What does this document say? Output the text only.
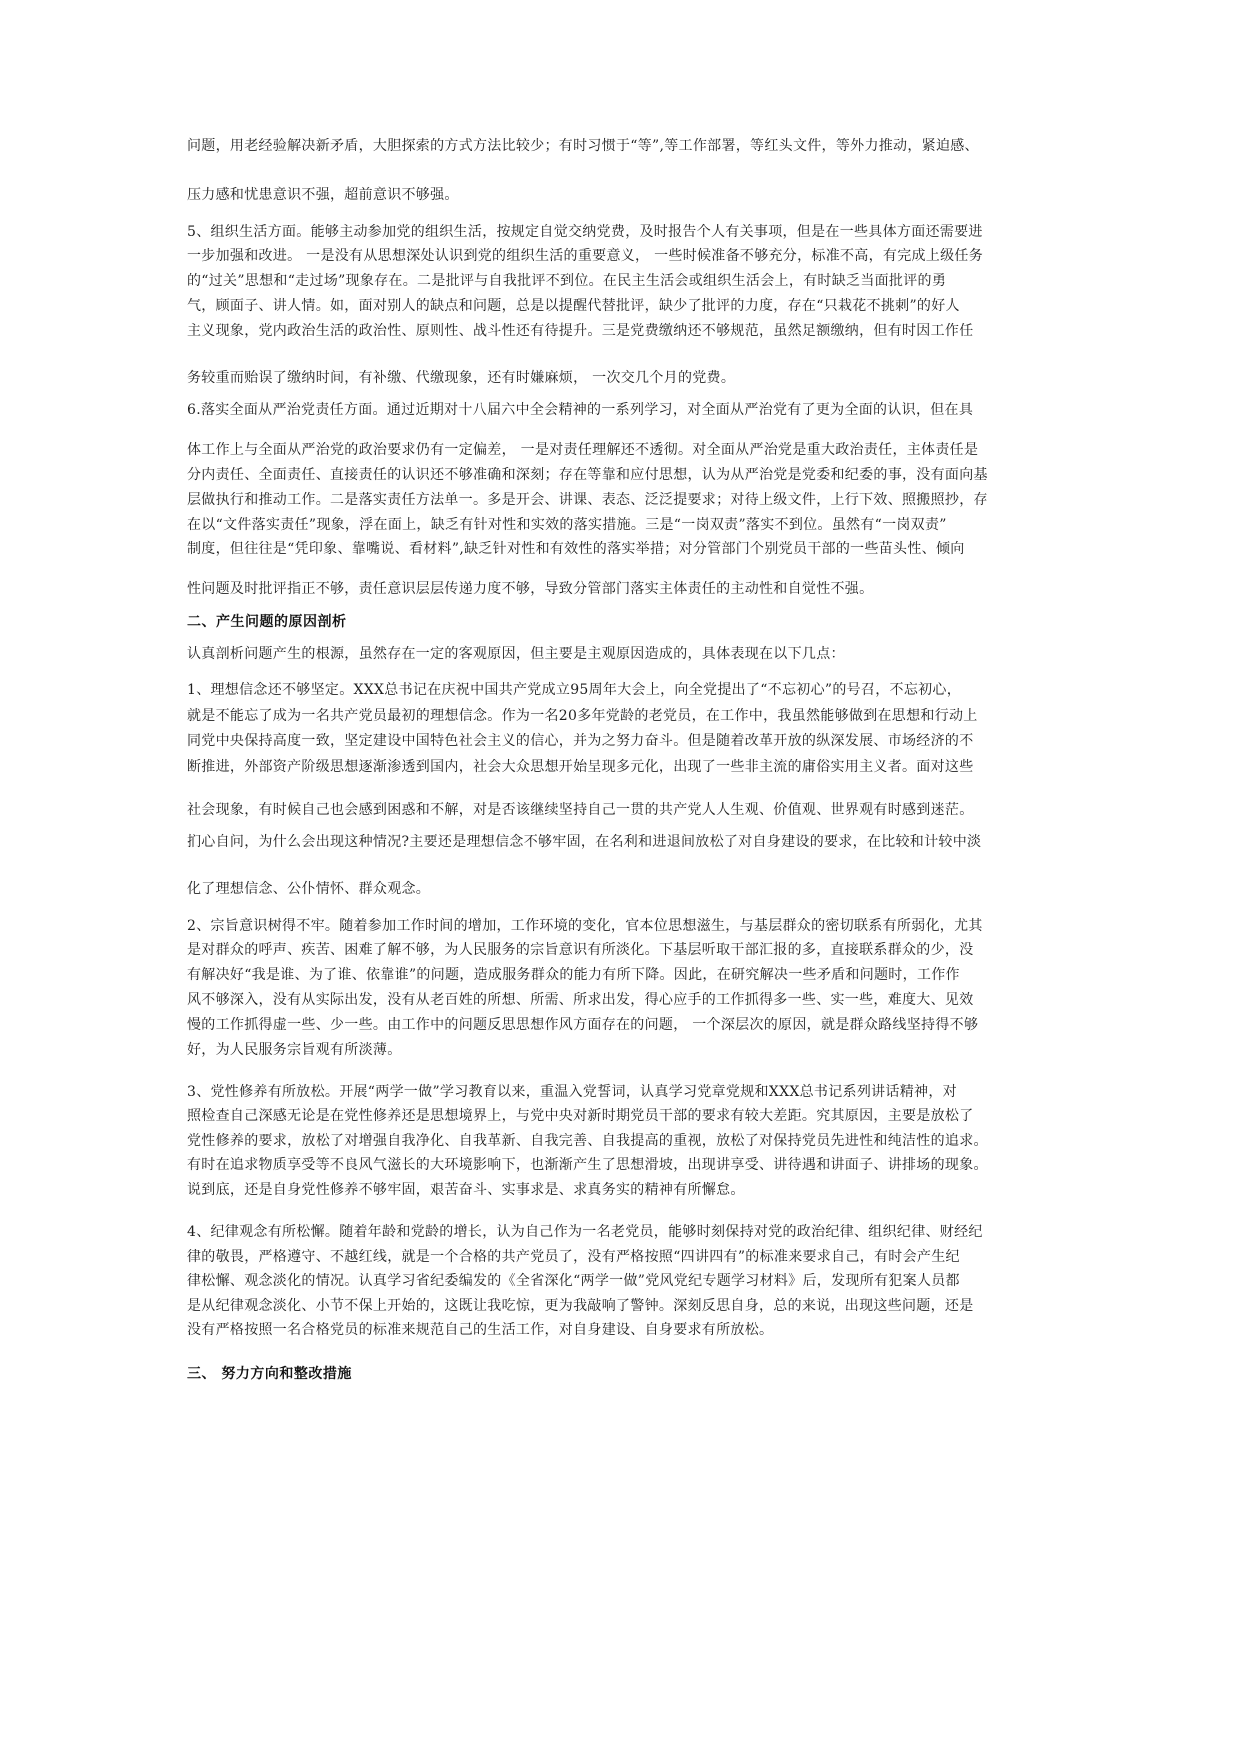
问题，用老经验解决新矛盾，大胆探索的方式方法比较少；有时习惯于“等”,等工作部署，等红头文件，等外力推动，紧迫感、
压力感和忧患意识不强，超前意识不够强。
5、组织生活方面。能够主动参加党的组织生活，按规定自觉交纳党费，及时报告个人有关事项，但是在一些具体方面还需要进
一步加强和改进。 一是没有从思想深处认识到党的组织生活的重要意义， 一些时候准备不够充分，标准不高，有完成上级任务
的“过关”思想和“走过场”现象存在。二是批评与自我批评不到位。在民主生活会或组织生活会上，有时缺乏当面批评的勇
气，顾面子、讲人情。如，面对别人的缺点和问题，总是以提醒代替批评，缺少了批评的力度，存在“只栽花不挑刺”的好人
主义现象，党内政治生活的政治性、原则性、战斗性还有待提升。三是党费缴纳还不够规范，虽然足额缴纳，但有时因工作任
务较重而贻误了缴纳时间，有补缴、代缴现象，还有时嫌麻烦， 一次交几个月的党费。
6.落实全面从严治党责任方面。通过近期对十八届六中全会精神的一系列学习，对全面从严治党有了更为全面的认识，但在具
体工作上与全面从严治党的政治要求仍有一定偏差， 一是对责任理解还不透彻。对全面从严治党是重大政治责任，主体责任是
分内责任、全面责任、直接责任的认识还不够准确和深刻；存在等靠和应付思想，认为从严治党是党委和纪委的事，没有面向基
层做执行和推动工作。二是落实责任方法单一。多是开会、讲课、表态、泛泛提要求；对待上级文件，上行下效、照搬照抄，存
在以“文件落实责任”现象，浮在面上，缺乏有针对性和实效的落实措施。三是“一岗双责”落实不到位。虽然有“一岗双责”
制度，但往往是“凭印象、靠嘴说、看材料”,缺乏针对性和有效性的落实举措；对分管部门个别党员干部的一些苗头性、倾向
性问题及时批评指正不够，责任意识层层传递力度不够，导致分管部门落实主体责任的主动性和自觉性不强。
二、产生问题的原因剖析
认真剖析问题产生的根源，虽然存在一定的客观原因，但主要是主观原因造成的，具体表现在以下几点：
1、理想信念还不够坚定。XXX总书记在庆祝中国共产党成立95周年大会上，向全党提出了“不忘初心”的号召，不忘初心，
就是不能忘了成为一名共产党员最初的理想信念。作为一名20多年党龄的老党员，在工作中，我虽然能够做到在思想和行动上
同党中央保持高度一致，坚定建设中国特色社会主义的信心，并为之努力奋斗。但是随着改革开放的纵深发展、市场经济的不
断推进，外部资产阶级思想逐渐渗透到国内，社会大众思想开始呈现多元化，出现了一些非主流的庸俗实用主义者。面对这些
社会现象，有时候自己也会感到困惑和不解，对是否该继续坚持自己一贯的共产党人人生观、价值观、世界观有时感到迷茫。
扪心自问，为什么会出现这种情况?主要还是理想信念不够牢固，在名利和进退间放松了对自身建设的要求，在比较和计较中淡
化了理想信念、公仆情怀、群众观念。
2、宗旨意识树得不牢。随着参加工作时间的增加，工作环境的变化，官本位思想滋生，与基层群众的密切联系有所弱化，尤其
是对群众的呼声、疾苦、困难了解不够，为人民服务的宗旨意识有所淡化。下基层听取干部汇报的多，直接联系群众的少，没
有解决好“我是谁、为了谁、依靠谁”的问题，造成服务群众的能力有所下降。因此，在研究解决一些矛盾和问题时，工作作
风不够深入，没有从实际出发，没有从老百姓的所想、所需、所求出发，得心应手的工作抓得多一些、实一些，难度大、见效
慢的工作抓得虚一些、少一些。由工作中的问题反思思想作风方面存在的问题， 一个深层次的原因，就是群众路线坚持得不够
好，为人民服务宗旨观有所淡薄。
3、党性修养有所放松。开展“两学一做”学习教育以来，重温入党誓词，认真学习党章党规和XXX总书记系列讲话精神，对
照检查自己深感无论是在党性修养还是思想境界上，与党中央对新时期党员干部的要求有较大差距。究其原因，主要是放松了
党性修养的要求，放松了对增强自我净化、自我革新、自我完善、自我提高的重视，放松了对保持党员先进性和纯洁性的追求。
有时在追求物质享受等不良风气滋长的大环境影响下，也渐渐产生了思想滑坡，出现讲享受、讲待遇和讲面子、讲排场的现象。
说到底，还是自身党性修养不够牢固，艰苦奋斗、实事求是、求真务实的精神有所懈怠。
4、纪律观念有所松懈。随着年龄和党龄的增长，认为自己作为一名老党员，能够时刻保持对党的政治纪律、组织纪律、财经纪
律的敬畏，严格遵守、不越红线，就是一个合格的共产党员了，没有严格按照“四讲四有”的标准来要求自己，有时会产生纪
律松懈、观念淡化的情况。认真学习省纪委编发的《全省深化“两学一做”党风党纪专题学习材料》后，发现所有犯案人员都
是从纪律观念淡化、小节不保上开始的，这既让我吃惊，更为我敲响了警钟。深刻反思自身，总的来说，出现这些问题，还是
没有严格按照一名合格党员的标准来规范自己的生活工作，对自身建设、自身要求有所放松。
三、 努力方向和整改措施
